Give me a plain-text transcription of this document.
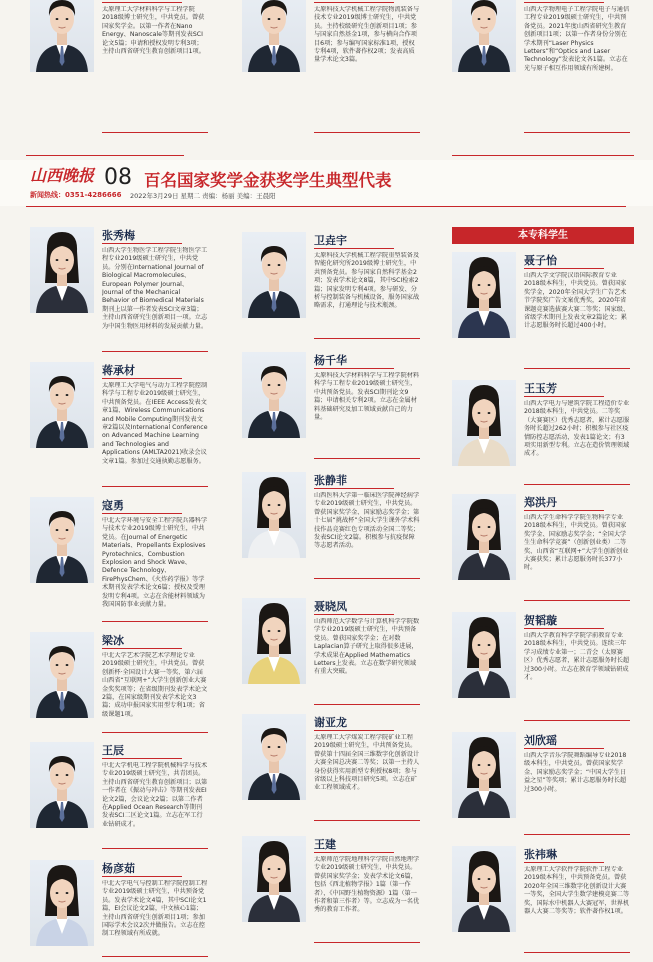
山西晚报 08 百名国家奖学金获奖学生典型代表
新闻热线：0351-4286666 2022年3月29日 星期二 责编：杨丽 美编：王晨阳
本专科学生
太原理工大学材料科学与工程学院2018级博士研究生，中共党员。曾获国家奖学金。以第一作者在Nano Energy、Nanoscale等期刊发表SCI论文5篇；申请和授权发明专利3项；主持山西省研究生教育创新项目1项。
太原科技大学机械工程学院物流装备与技术专业2019级博士研究生，中共党员。主持校级研究生创新项目1项；参与国家自然基金1项，参与横向合作项目6项；参与编写国家标准1项，授权专利4项，软件著作权2项；发表高质量学术论文3篇。
山西大学物理电子工程学院电子与通信工程专业2019级硕士研究生，中共预备党员。2021年度山西省研究生教育创新项目1项；以第一作者身份分别在学术期刊“Laser Physics Letters”和“Optics and Laser Technology”发表论文各1篇。立志在光与原子相互作用领域有所建树。
张秀梅
山西大学生物医学工程学院生物医学工程专业2019级硕士研究生，中共党员。分别在International Journal of Biological Macromolecules、European Polymer Journal、Journal of the Mechanical Behavior of Biomedical Materials期刊上以第一作者发表SCI文章3篇；主持山西省研究生创新项目一项。立志为中国生物医用材料的发展贡献力量。
蒋承材
太原理工大学电气与动力工程学院控制科学与工程专业2019级硕士研究生，中共预备党员。在IEEE Access发表文章1篇、Wireless Communications and Mobile Computing期刊发表文章2篇以及International Conference on Advanced Machine Learning and Technologies and Applications (AMLTA2021)收录会议文章1篇。参加过交通执勤志愿服务。
寇勇
中北大学环境与安全工程学院兵器科学与技术专业2019级博士研究生，中共党员。在Journal of Energetic Materials、Propellants Explosives Pyrotechnics、Combustion Explosion and Shock Wave、Defence Technology、FirePhysChem、《火炸药学报》等学术期刊发表学术论文6篇；授权及受理发明专利4项。立志在含能材料领域为我国国防事业贡献力量。
梁冰
中北大学艺术学院艺术学理论专业2019级硕士研究生，中共党员。曾获创新杯·全国设计大赛一等奖、第六届山西省“互联网+”大学生创新创业大赛金奖奖项等；在省级期刊发表学术论文2篇，在国家级期刊发表学术论文3篇；成功申报国家实用型专利1项；省级课题1项。
王辰
中北大学机电工程学院机械科学与技术专业2019级硕士研究生，共青团员。主持山西省研究生教育创新项目；以第一作者在《振动与冲击》等期刊发表EI论文2篇，会议论文2篇；以第二作者在Applied Ocean Research等期刊发表SCI二区论文1篇。立志在军工行业钻研成才。
杨彦茹
中北大学电气与控制工程学院控制工程专业2019级硕士研究生，中共预备党员。发表学术论文4篇，其中SCI论文1篇，EI会议论文2篇，中文核心1篇；主持山西省研究生创新项目1项；参加国际学术会议2次并做报告。立志在控制工程领域有所成就。
卫垚宇
太原科技大学机械工程学院重型装备及智能化研究所2019级博士研究生，中共预备党员。参与国家自然科学基金2项；发表学术论文8篇，其中SCI检索2篇；国家发明专利4项。参与研发、分析与控制装备与机械设备，服务国家战略需求，打通理论与技术瓶颈。
杨千华
太原科技大学材料科学与工程学院材料科学与工程专业2019级硕士研究生，中共预备党员。发表SCI期刊论文9篇；申请相关专利2项。立志在金属材料基础研究及加工领域贡献自己的力量。
张静菲
山西医科大学第一临床医学院神经病学专业2019级硕士研究生，中共党员。曾获国家奖学金、国家励志奖学金；第十七届“挑战杯”全国大学生课外学术科技作品竞赛红色专项活动全国二等奖；发表SCI论文2篇。积极参与抗疫保障等志愿者活动。
聂晓凤
山西师范大学数学与计算机科学学院数学专业2019级硕士研究生，中共预备党员。曾获国家奖学金；在对数Laplacian算子研究上取得很多进展，学术成果在Applied Mathematics Letters上发表。立志在数学研究领域有重大突破。
谢亚龙
太原理工大学煤炭工程学院矿业工程2019级硕士研究生，中共预备党员。曾获第十四届全国三维数字化创新设计大赛全国总决赛二等奖；以第一主持人身份获得实用新型专利授权8项；参与省级以上科技项目研究5项。立志在矿业工程领域成才。
王建
太原师范学院地理科学学院自然地理学专业2019级硕士研究生，中共党员。曾获国家奖学金；发表学术论文6篇，包括《西北植物学报》1篇（第一作者），《中国野生植物资源》1篇（第一作者和第三作者）等。立志成为一名优秀的教育工作者。
聂子怡
山西大学文学院汉语国际教育专业2018级本科生，中共党员。曾获国家奖学金，2020年全国大学生广告艺术节学院奖广告文案优秀奖，2020年省课题竞赛选拔赛大赛二等奖；国家级、省级学术期刊上发表文章2篇论文；累计志愿服务时长超过400小时。
王玉芳
山西大学电力与建筑学院工程造价专业2018级本科生，中共党员。二等奖（大赛赛区）优秀志愿者，累计志愿服务时长超过262小时；积极参与社区疫情防控志愿活动，发表1篇论文；有3项实用新型专利。立志在造价管理领域成才。
郑洪丹
山西大学生命科学学院生物科学专业2018级本科生，中共党员。曾获国家奖学金、国家励志奖学金；“全国大学生生命科学竞赛”（创新创业类）二等奖、山西省“互联网+”大学生创新创业大赛获奖；累计志愿服务时长377小时。
贺韬璇
山西大学教育科学学院学前教育专业2018级本科生，中共党员。连续三年学习成绩专业第一；二青会（太原赛区）优秀志愿者，累计志愿服务时长超过300小时。立志在教育学领域钻研成才。
刘欣瑶
山西大学音乐学院舞蹈编导专业2018级本科生，中共党员。曾获国家奖学金、国家励志奖学金；“中国大学生日益之星”等奖项；累计志愿服务时长超过300小时。
张祎琳
太原理工大学软件学院软件工程专业2019级本科生，中共预备党员。曾获2020年全国三维数字化创新设计大赛一等奖，全国大学生数学建模竞赛二等奖，国际水中机器人大赛冠军，世界机器人大赛二等奖等；软件著作权1项。
